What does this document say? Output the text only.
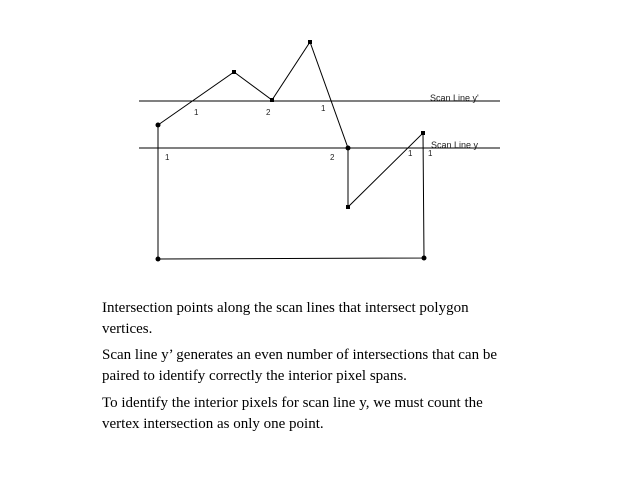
Scan Line y'
Scan Line y
1	2	1
1	2	1 1

Intersection points along the scan lines that intersect polygon vertices.

Scan line y’ generates an even number of intersections that can be paired to identify correctly the interior pixel spans.

To identify the interior pixels for scan line y, we must count the vertex intersection as only one point.
